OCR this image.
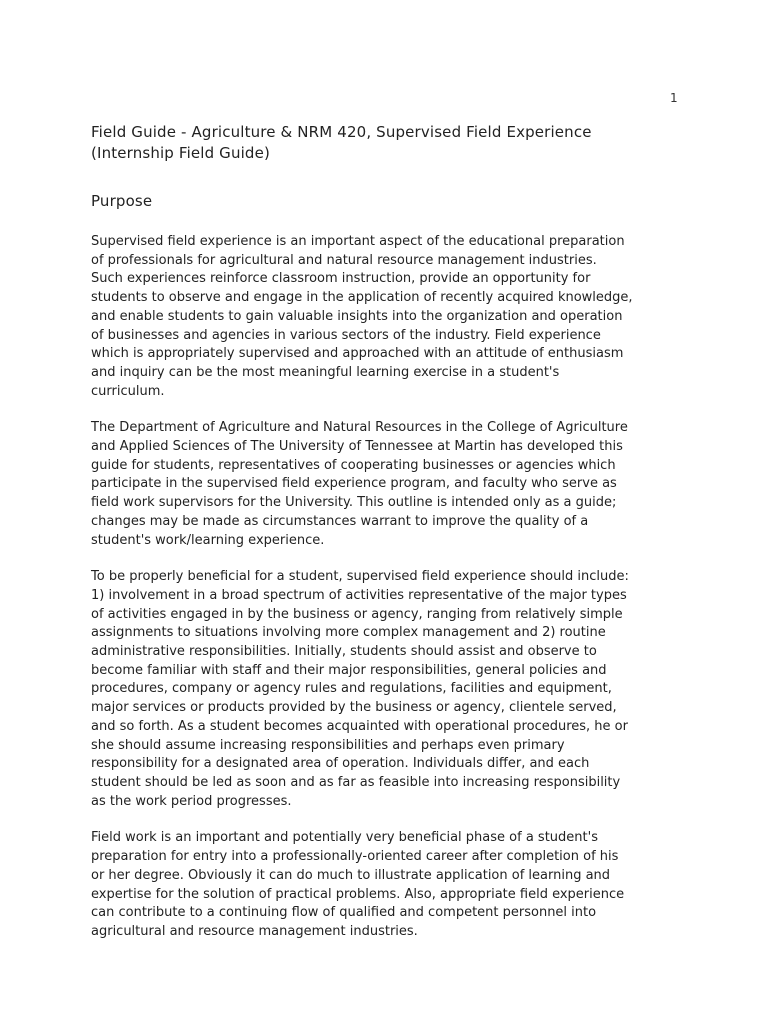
1
Field Guide - Agriculture & NRM 420, Supervised Field Experience
(Internship Field Guide)
Purpose

Supervised field experience is an important aspect of the educational preparation
of professionals for agricultural and natural resource management industries.
Such experiences reinforce classroom instruction, provide an opportunity for
students to observe and engage in the application of recently acquired knowledge,
and enable students to gain valuable insights into the organization and operation
of businesses and agencies in various sectors of the industry. Field experience
which is appropriately supervised and approached with an attitude of enthusiasm
and inquiry can be the most meaningful learning exercise in a student's
curriculum.

The Department of Agriculture and Natural Resources in the College of Agriculture
and Applied Sciences of The University of Tennessee at Martin has developed this
guide for students, representatives of cooperating businesses or agencies which
participate in the supervised field experience program, and faculty who serve as
field work supervisors for the University. This outline is intended only as a guide;
changes may be made as circumstances warrant to improve the quality of a
student's work/learning experience.

To be properly beneficial for a student, supervised field experience should include:
1) involvement in a broad spectrum of activities representative of the major types
of activities engaged in by the business or agency, ranging from relatively simple
assignments to situations involving more complex management and 2) routine
administrative responsibilities. Initially, students should assist and observe to
become familiar with staff and their major responsibilities, general policies and
procedures, company or agency rules and regulations, facilities and equipment,
major services or products provided by the business or agency, clientele served,
and so forth. As a student becomes acquainted with operational procedures, he or
she should assume increasing responsibilities and perhaps even primary
responsibility for a designated area of operation. Individuals differ, and each
student should be led as soon and as far as feasible into increasing responsibility
as the work period progresses.

Field work is an important and potentially very beneficial phase of a student's
preparation for entry into a professionally-oriented career after completion of his
or her degree. Obviously it can do much to illustrate application of learning and
expertise for the solution of practical problems. Also, appropriate field experience
can contribute to a continuing flow of qualified and competent personnel into
agricultural and resource management industries.
